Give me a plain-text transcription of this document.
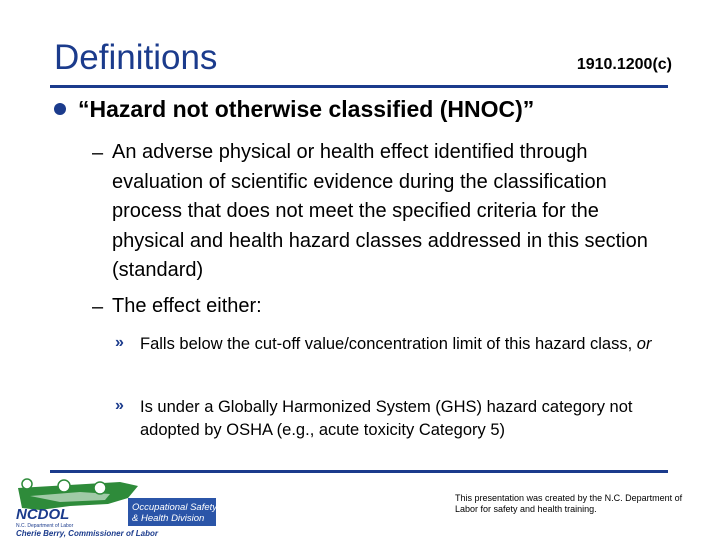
Definitions	1910.1200(c)
“Hazard not otherwise classified (HNOC)”
– An adverse physical or health effect identified through evaluation of scientific evidence during the classification process that does not meet the specified criteria for the physical and health hazard classes addressed in this section (standard)
– The effect either:
» Falls below the cut-off value/concentration limit of this hazard class, or
» Is under a Globally Harmonized System (GHS) hazard category not adopted by OSHA (e.g., acute toxicity Category 5)
NCDOL
N.C. Department of Labor
Occupational Safety
& Health Division
Cherie Berry, Commissioner of Labor
This presentation was created by the N.C. Department of Labor for safety and health training.
